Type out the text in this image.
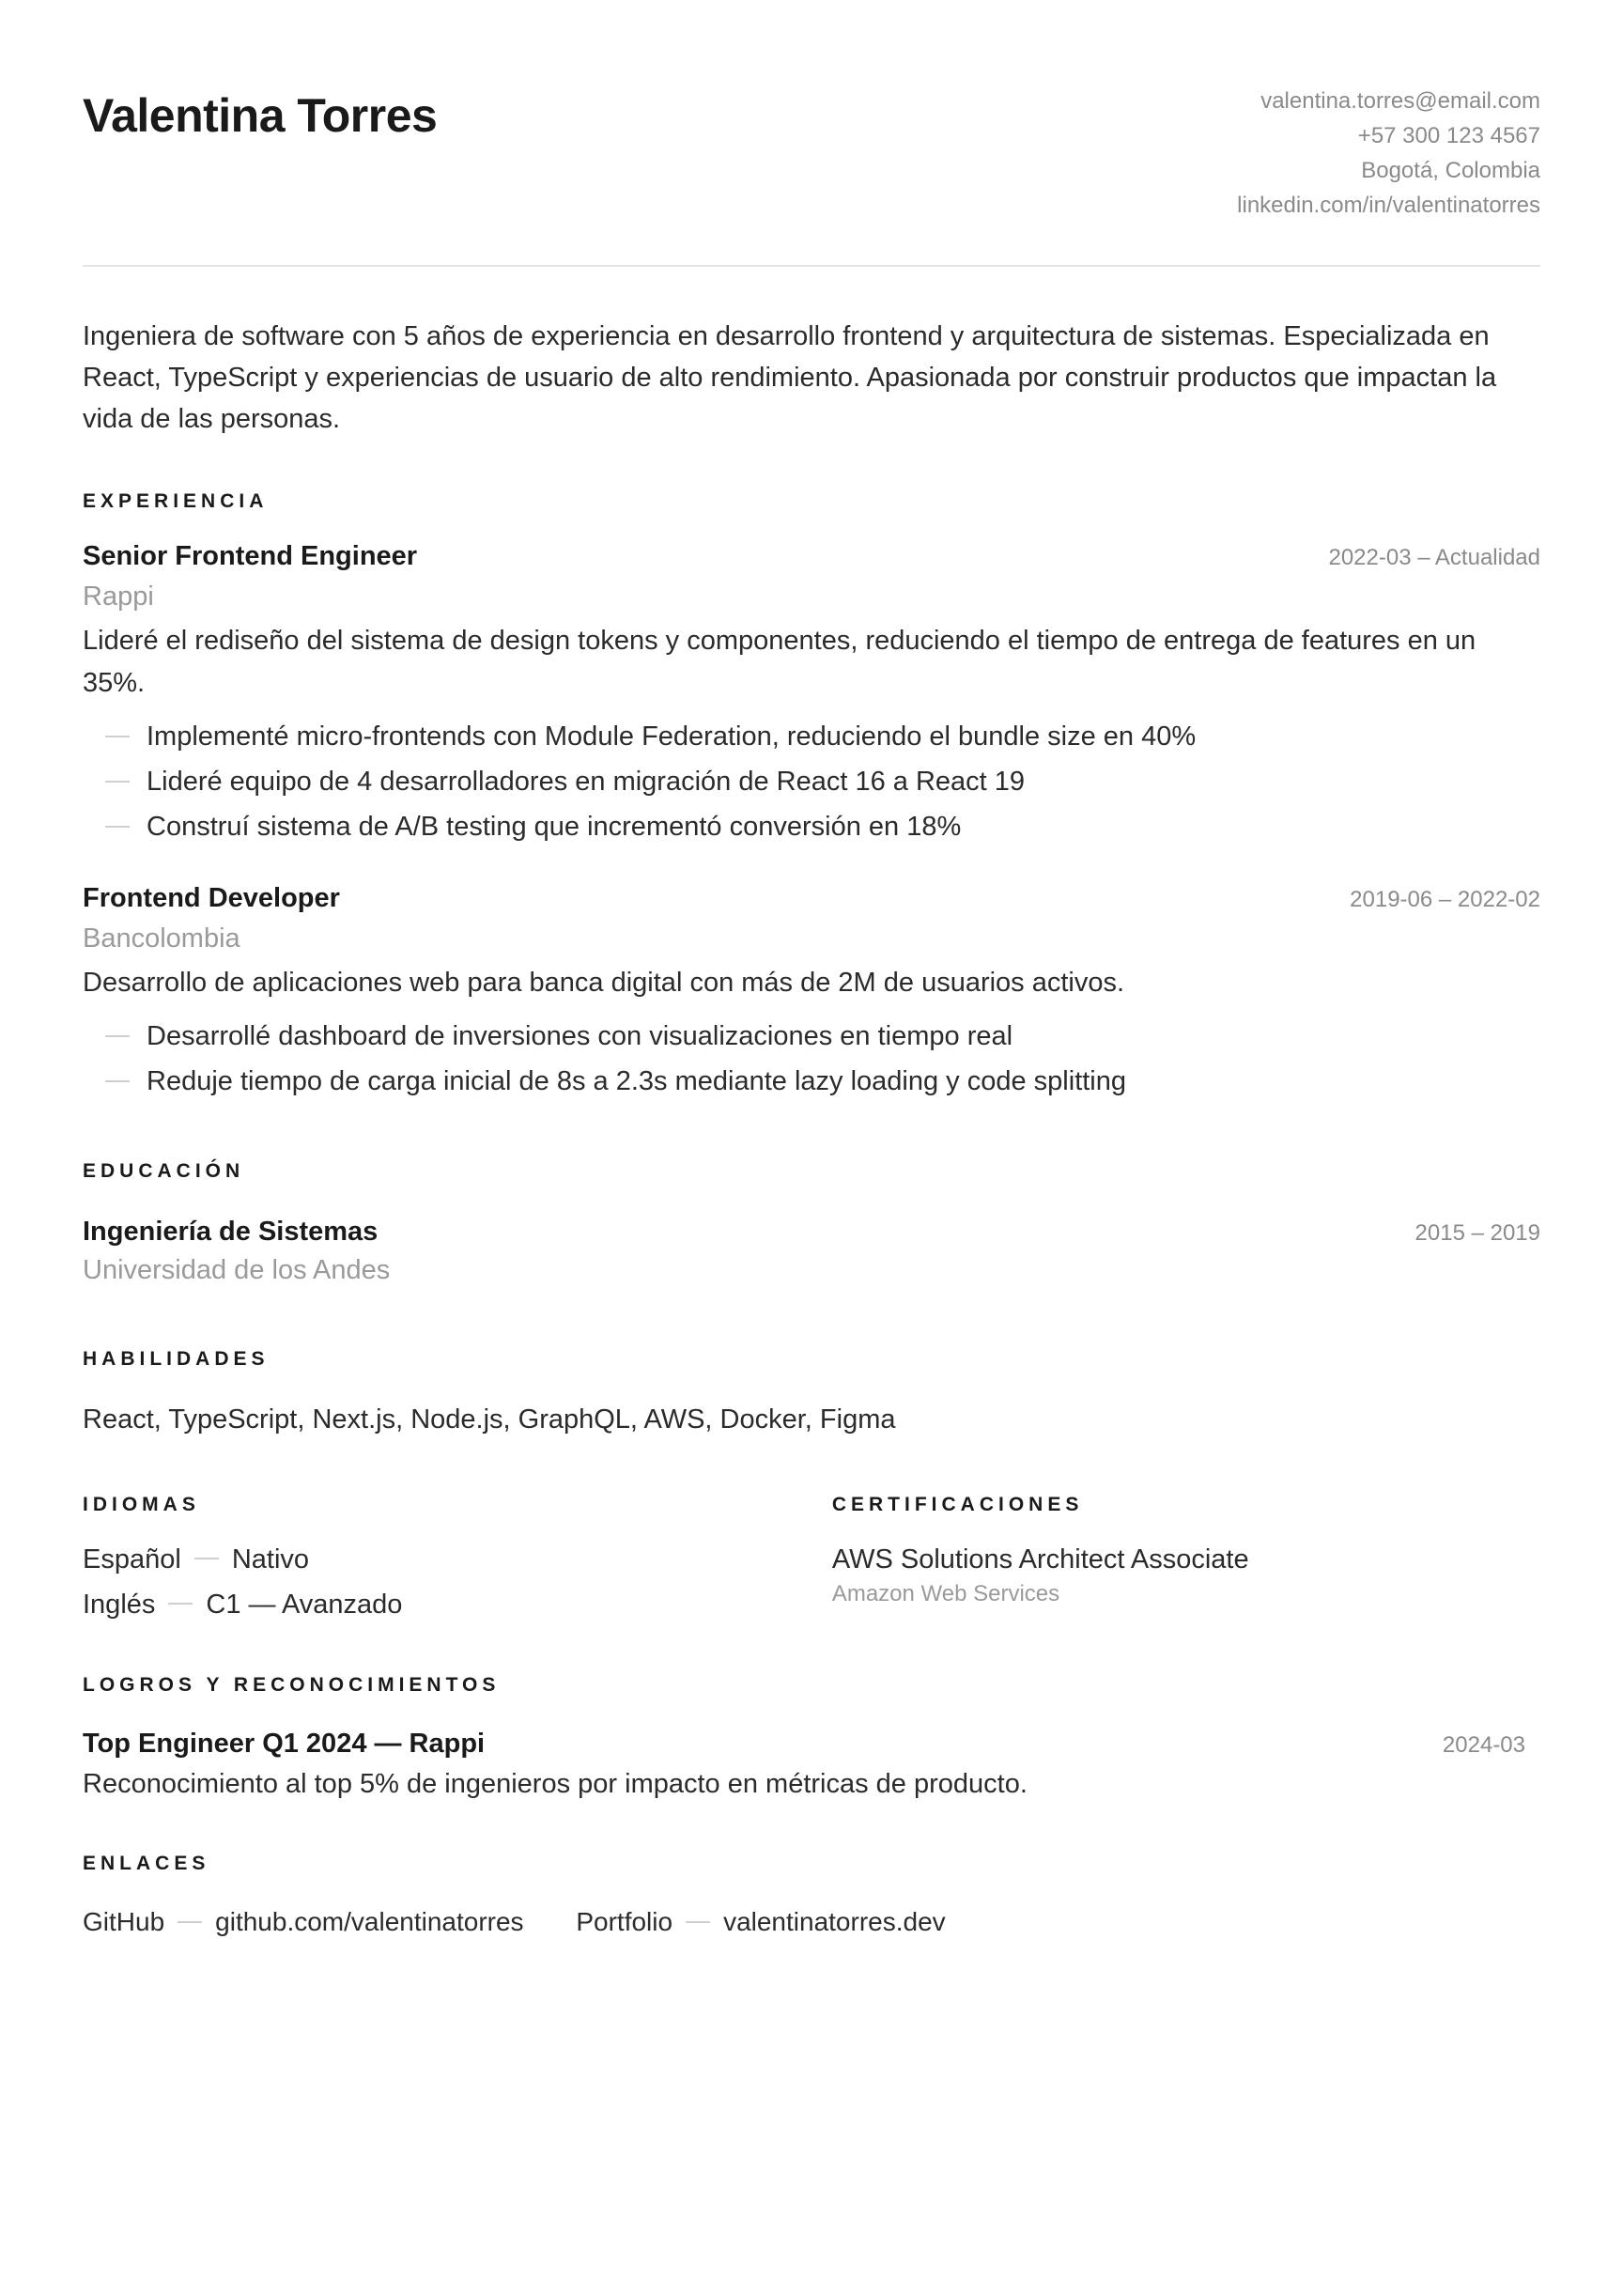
Valentina Torres	valentina.torres@email.com
+57 300 123 4567
Bogotá, Colombia
linkedin.com/in/valentinatorres

Ingeniera de software con 5 años de experiencia en desarrollo frontend y arquitectura de sistemas. Especializada en React, TypeScript y experiencias de usuario de alto rendimiento. Apasionada por construir productos que impactan la vida de las personas.

EXPERIENCIA
Senior Frontend Engineer	2022-03 – Actualidad
Rappi
Lideré el rediseño del sistema de design tokens y componentes, reduciendo el tiempo de entrega de features en un 35%.
Implementé micro-frontends con Module Federation, reduciendo el bundle size en 40%
Lideré equipo de 4 desarrolladores en migración de React 16 a React 19
Construí sistema de A/B testing que incrementó conversión en 18%
Frontend Developer	2019-06 – 2022-02
Bancolombia
Desarrollo de aplicaciones web para banca digital con más de 2M de usuarios activos.
Desarrollé dashboard de inversiones con visualizaciones en tiempo real
Reduje tiempo de carga inicial de 8s a 2.3s mediante lazy loading y code splitting
EDUCACIÓN
Ingeniería de Sistemas	2015 – 2019
Universidad de los Andes
HABILIDADES
React, TypeScript, Next.js, Node.js, GraphQL, AWS, Docker, Figma
IDIOMAS
Español Nativo
Inglés C1 — Avanzado
CERTIFICACIONES
AWS Solutions Architect Associate
Amazon Web Services
LOGROS Y RECONOCIMIENTOS
Top Engineer Q1 2024 — Rappi	2024-03
Reconocimiento al top 5% de ingenieros por impacto en métricas de producto.
ENLACES
GitHub github.com/valentinatorres Portfolio valentinatorres.dev
